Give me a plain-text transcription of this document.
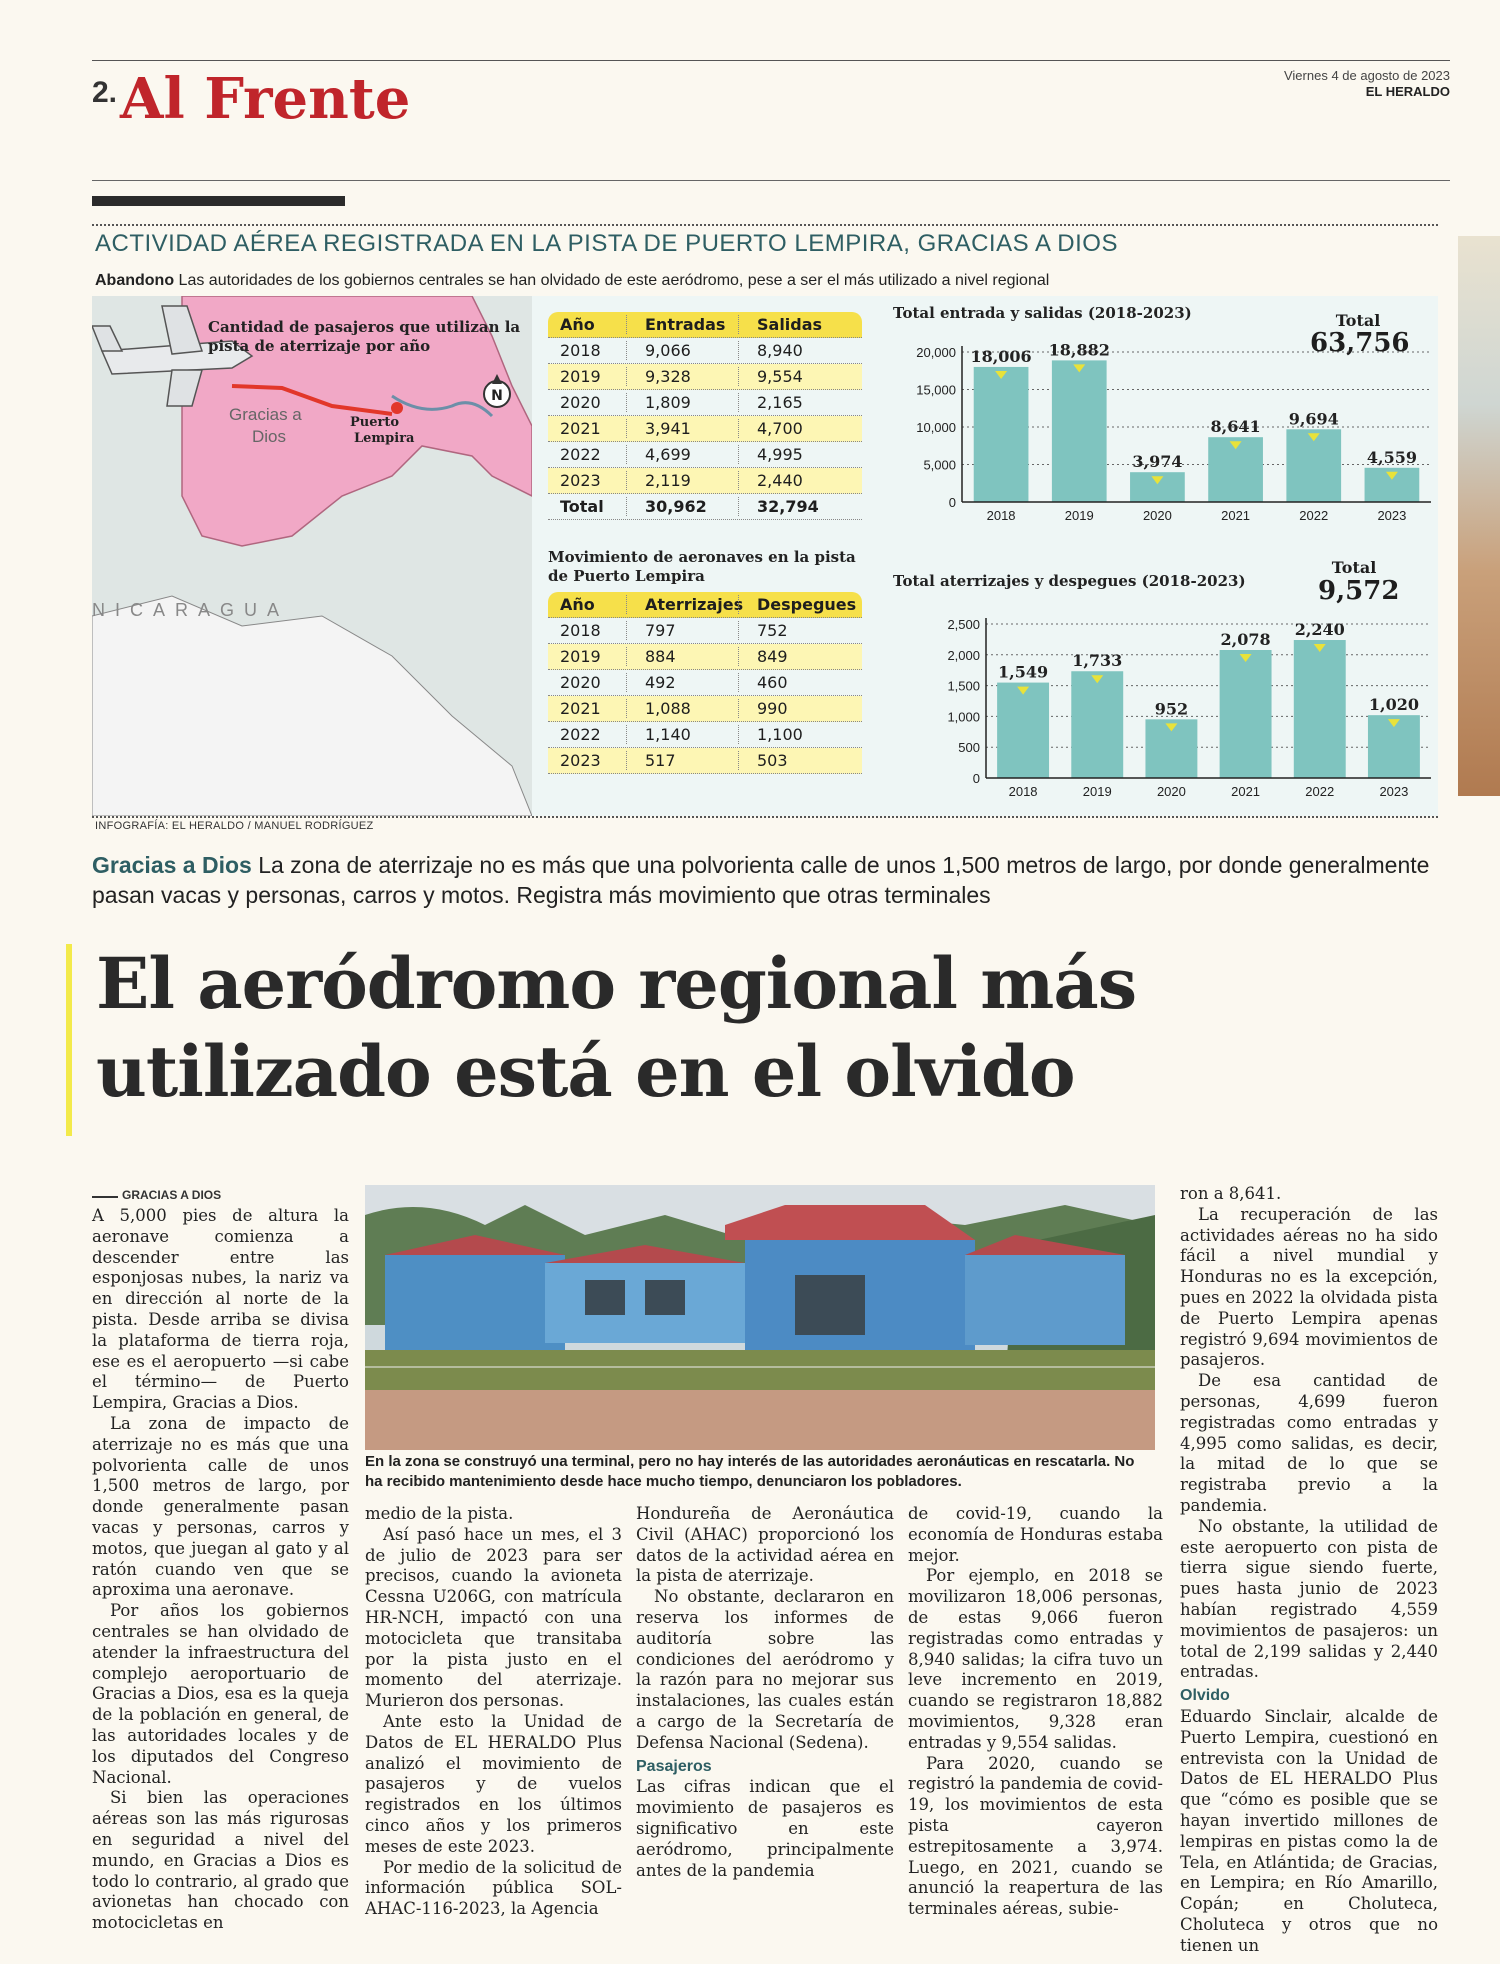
2. Al Frente	Viernes 4 de agosto de 2023
EL HERALDO
ACTIVIDAD AÉREA REGISTRADA EN LA PISTA DE PUERTO LEMPIRA, GRACIAS A DIOS
Abandono Las autoridades de los gobiernos centrales se han olvidado de este aeródromo, pese a ser el más utilizado a nivel regional
N
Gracias a Dios
Puerto Lempira
NICARAGUA
Cantidad de pasajeros que utilizan la pista de aterrizaje por año
Año	Entradas	Salidas
2018	9,066	8,940
2019	9,328	9,554
2020	1,809	2,165
2021	3,941	4,700
2022	4,699	4,995
2023	2,119	2,440
Total	30,962	32,794
Movimiento de aeronaves en la pista de Puerto Lempira
Año	Aterrizajes Despegues
2018	797	752
2019	884	849
2020	492	460
2021	1,088	990
2022	1,140	1,100
2023	517	503
Total entrada y salidas (2018-2023)	Total
63,756
0
5,000
10,000
15,000
20,000 18,006
2018
18,882
2019
3,974
2020
8,641
2021
9,694
2022
4,559
2023
Total aterrizajes y despegues (2018-2023)
Total
9,572
0
500
1,000
1,500
2,000
2,500
1,549
2018
1,733
2019
952
2020
2,078
2021
2,240
2022
1,020
2023
INFOGRAFÍA: EL HERALDO / MANUEL RODRÍGUEZ
Gracias a Dios La zona de aterrizaje no es más que una polvorienta calle de unos 1,500 metros de largo, por donde generalmente pasan vacas y personas, carros y motos. Registra más movimiento que otras terminales
El aeródromo regional más utilizado está en el olvido
GRACIAS A DIOS

A 5,000 pies de altura la aeronave comienza a descender entre las esponjosas nubes, la nariz va en dirección al norte de la pista. Desde arriba se divisa la plataforma de tierra roja, ese es el aeropuerto —si cabe el término— de Puerto Lempira, Gracias a Dios.

La zona de impacto de aterrizaje no es más que una polvorienta calle de unos 1,500 metros de largo, por donde generalmente pasan vacas y personas, carros y motos, que juegan al gato y al ratón cuando ven que se aproxima una aeronave.

Por años los gobiernos centrales se han olvidado de atender la infraestructura del complejo aeroportuario de Gracias a Dios, esa es la queja de la población en general, de las autoridades locales y de los diputados del Congreso Nacional.

Si bien las operaciones aéreas son las más rigurosas en seguridad a nivel del mundo, en Gracias a Dios es todo lo contrario, al grado que avionetas han chocado con motocicletas en

En la zona se construyó una terminal, pero no hay interés de las autoridades aeronáuticas en rescatarla. No ha recibido mantenimiento desde hace mucho tiempo, denunciaron los pobladores.

medio de la pista.

Así pasó hace un mes, el 3 de julio de 2023 para ser precisos, cuando la avioneta Cessna U206G, con matrícula HR-NCH, impactó con una motocicleta que transitaba por la pista justo en el momento del aterrizaje. Murieron dos personas.

Ante esto la Unidad de Datos de EL HERALDO Plus analizó el movimiento de pasajeros y de vuelos registrados en los últimos cinco años y los primeros meses de este 2023.

Por medio de la solicitud de información pública SOL-AHAC-116-2023, la Agencia

Hondureña de Aeronáutica Civil (AHAC) proporcionó los datos de la actividad aérea en la pista de aterrizaje.

No obstante, declararon en reserva los informes de auditoría sobre las condiciones del aeródromo y la razón para no mejorar sus instalaciones, las cuales están a cargo de la Secretaría de Defensa Nacional (Sedena).

Pasajeros

Las cifras indican que el movimiento de pasajeros es significativo en este aeródromo, principalmente antes de la pandemia

de covid-19, cuando la economía de Honduras estaba mejor.

Por ejemplo, en 2018 se movilizaron 18,006 personas, de estas 9,066 fueron registradas como entradas y 8,940 salidas; la cifra tuvo un leve incremento en 2019, cuando se registraron 18,882 movimientos, 9,328 eran entradas y 9,554 salidas.

Para 2020, cuando se registró la pandemia de covid-19, los movimientos de esta pista cayeron estrepitosamente a 3,974. Luego, en 2021, cuando se anunció la reapertura de las terminales aéreas, subie-

ron a 8,641.

La recuperación de las actividades aéreas no ha sido fácil a nivel mundial y Honduras no es la excepción, pues en 2022 la olvidada pista de Puerto Lempira apenas registró 9,694 movimientos de pasajeros.

De esa cantidad de personas, 4,699 fueron registradas como entradas y 4,995 como salidas, es decir, la mitad de lo que se registraba previo a la pandemia.

No obstante, la utilidad de este aeropuerto con pista de tierra sigue siendo fuerte, pues hasta junio de 2023 habían registrado 4,559 movimientos de pasajeros: un total de 2,199 salidas y 2,440 entradas.

Olvido

Eduardo Sinclair, alcalde de Puerto Lempira, cuestionó en entrevista con la Unidad de Datos de EL HERALDO Plus que “cómo es posible que se hayan invertido millones de lempiras en pistas como la de Tela, en Atlántida; de Gracias, en Lempira; en Río Amarillo, Copán; en Choluteca, Choluteca y otros que no tienen un
